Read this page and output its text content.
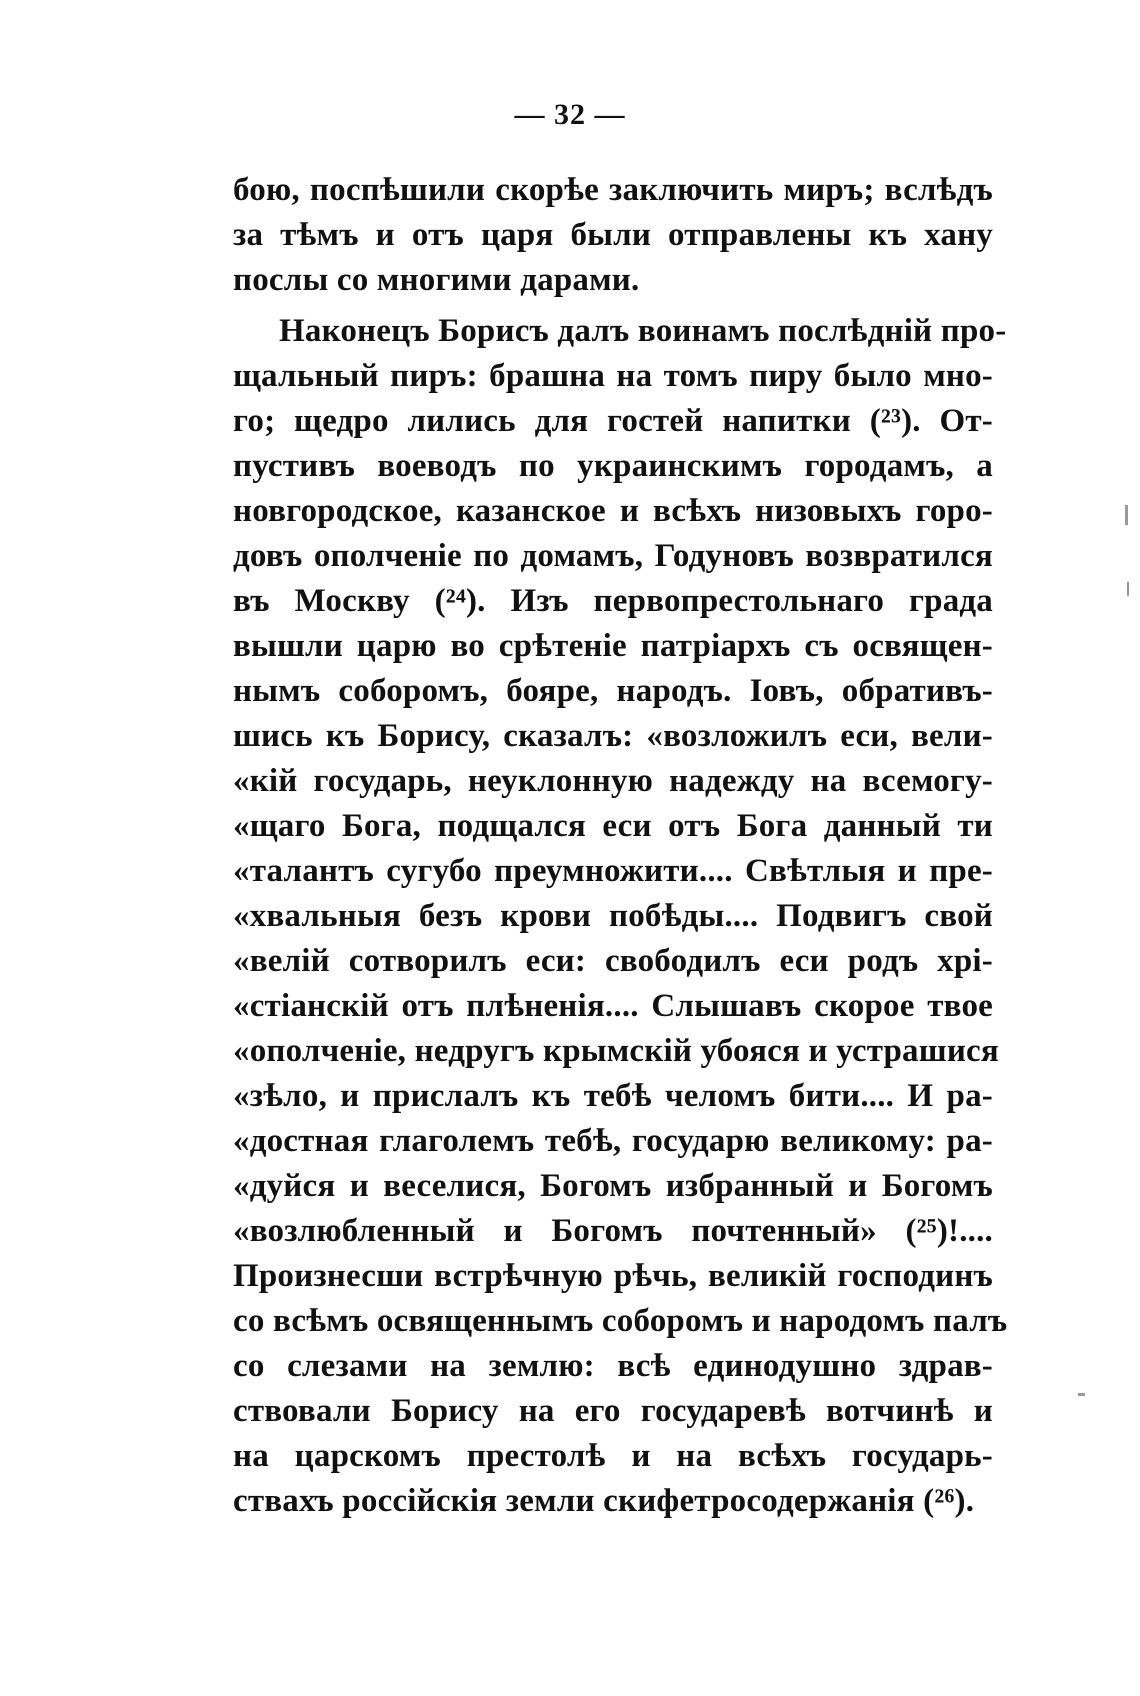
— 32 —
бою, поспѣшили скорѣе заключить миръ; вслѣдъ
за тѣмъ и отъ царя были отправлены къ хану
послы со многими дарами.
Наконецъ Борисъ далъ воинамъ послѣднiй про-
щальный пиръ: брашна на томъ пиру было мно-
го; щедро лились для гостей напитки (²³). От-
пустивъ воеводъ по украинскимъ городамъ, а
новгородское, казанское и всѣхъ низовыхъ горо-
довъ ополченiе по домамъ, Годуновъ возвратился
въ Москву (²⁴). Изъ первопрестольнаго града
вышли царю во срѣтенiе патрiархъ съ освящен-
нымъ соборомъ, бояре, народъ. Iовъ, обративъ-
шись къ Борису, сказалъ: «возложилъ еси, вели-
«кiй государь, неуклонную надежду на всемогу-
«щаго Бога, подщался еси отъ Бога данный ти
«талантъ сугубо преумножити.... Свѣтлыя и пре-
«хвальныя безъ крови побѣды.... Подвигъ свой
«велiй сотворилъ еси: свободилъ еси родъ хрi-
«стiанскiй отъ плѣненiя.... Слышавъ скорое твое
«ополченiе, недругъ крымскiй убояся и устрашися
«зѣло, и прислалъ къ тебѣ челомъ бити.... И ра-
«достная глаголемъ тебѣ, государю великому: ра-
«дуйся и веселися, Богомъ избранный и Богомъ
«возлюбленный и Богомъ почтенный» (²⁵)!....
Произнесши встрѣчную рѣчь, великiй господинъ
со всѣмъ освященнымъ соборомъ и народомъ палъ
со слезами на землю: всѣ единодушно здрав-
ствовали Борису на его государевѣ вотчинѣ и
на царскомъ престолѣ и на всѣхъ государь-
ствахъ россiйскiя земли скифетросодержанiя (²⁶).
